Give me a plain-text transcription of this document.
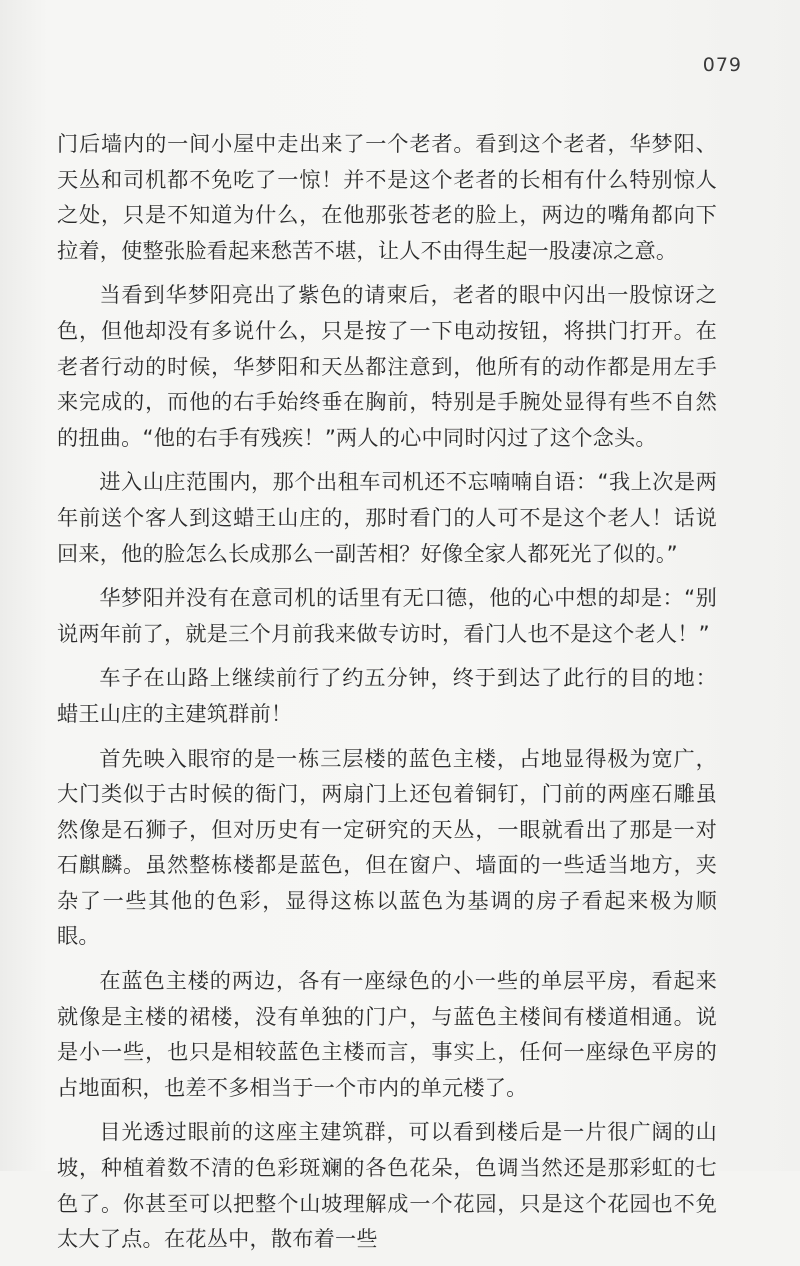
079

门后墙内的一间小屋中走出来了一个老者。看到这个老者，华梦阳、天丛和司机都不免吃了一惊！并不是这个老者的长相有什么特别惊人之处，只是不知道为什么，在他那张苍老的脸上，两边的嘴角都向下拉着，使整张脸看起来愁苦不堪，让人不由得生起一股凄凉之意。

当看到华梦阳亮出了紫色的请柬后，老者的眼中闪出一股惊讶之色，但他却没有多说什么，只是按了一下电动按钮，将拱门打开。在老者行动的时候，华梦阳和天丛都注意到，他所有的动作都是用左手来完成的，而他的右手始终垂在胸前，特别是手腕处显得有些不自然的扭曲。“他的右手有残疾！”两人的心中同时闪过了这个念头。

进入山庄范围内，那个出租车司机还不忘喃喃自语：“我上次是两年前送个客人到这蜡王山庄的，那时看门的人可不是这个老人！话说回来，他的脸怎么长成那么一副苦相？好像全家人都死光了似的。”

华梦阳并没有在意司机的话里有无口德，他的心中想的却是：“别说两年前了，就是三个月前我来做专访时，看门人也不是这个老人！”

车子在山路上继续前行了约五分钟，终于到达了此行的目的地：蜡王山庄的主建筑群前！

首先映入眼帘的是一栋三层楼的蓝色主楼，占地显得极为宽广，大门类似于古时候的衙门，两扇门上还包着铜钉，门前的两座石雕虽然像是石狮子，但对历史有一定研究的天丛，一眼就看出了那是一对石麒麟。虽然整栋楼都是蓝色，但在窗户、墙面的一些适当地方，夹杂了一些其他的色彩，显得这栋以蓝色为基调的房子看起来极为顺眼。

在蓝色主楼的两边，各有一座绿色的小一些的单层平房，看起来就像是主楼的裙楼，没有单独的门户，与蓝色主楼间有楼道相通。说是小一些，也只是相较蓝色主楼而言，事实上，任何一座绿色平房的占地面积，也差不多相当于一个市内的单元楼了。

目光透过眼前的这座主建筑群，可以看到楼后是一片很广阔的山坡，种植着数不清的色彩斑斓的各色花朵，色调当然还是那彩虹的七色了。你甚至可以把整个山坡理解成一个花园，只是这个花园也不免太大了点。在花丛中，散布着一些
